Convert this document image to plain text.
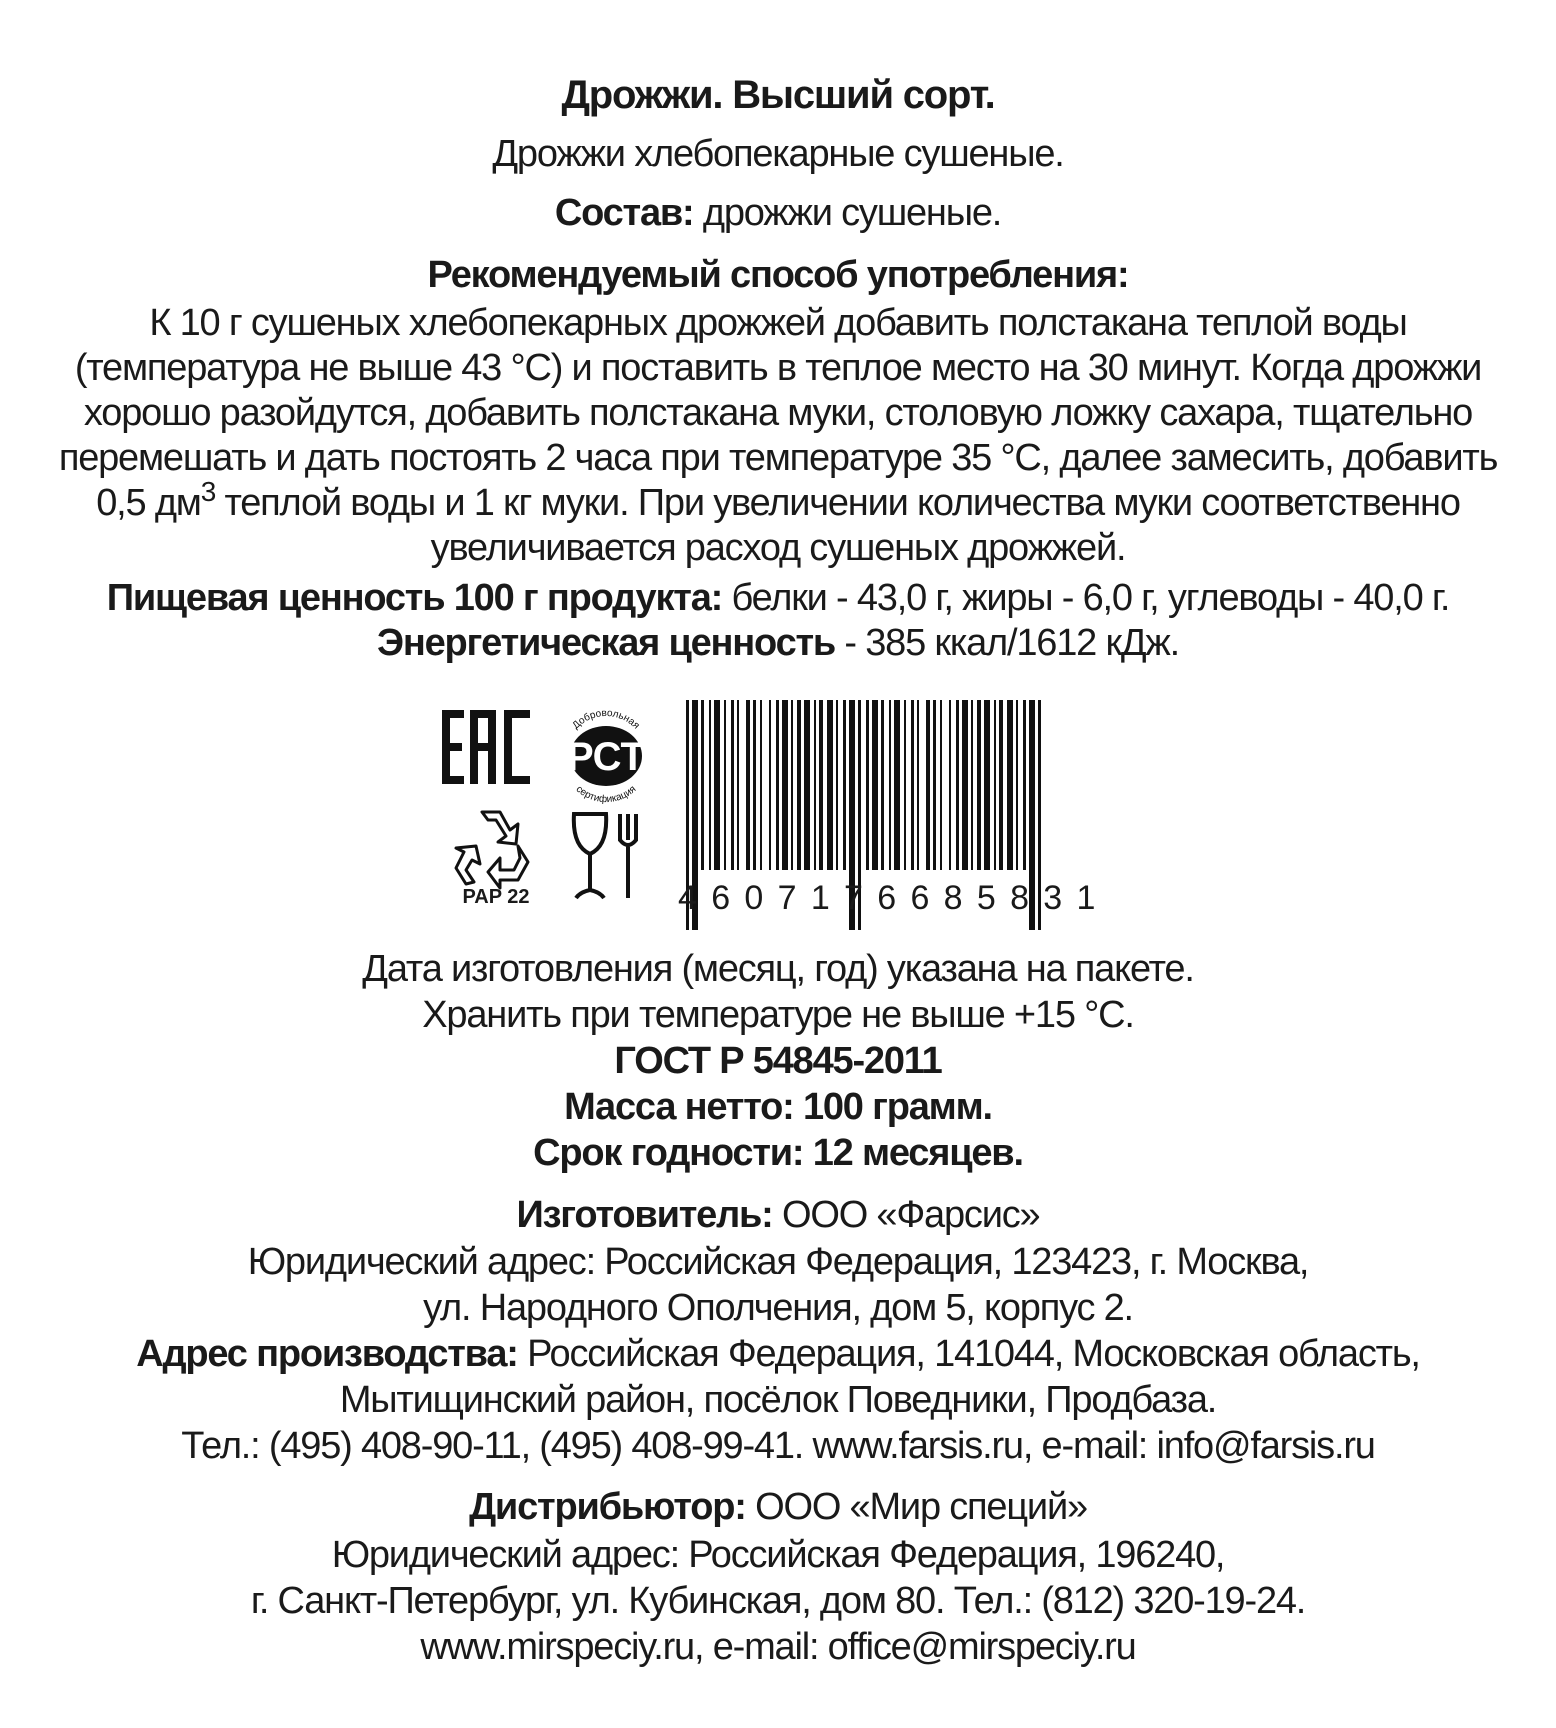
Дрожжи. Высший сорт.
Дрожжи хлебопекарные сушеные.
Состав: дрожжи сушеные.
Рекомендуемый способ употребления:
К 10 г сушеных хлебопекарных дрожжей добавить полстакана теплой воды
(температура не выше 43 °С) и поставить в теплое место на 30 минут. Когда дрожжи
хорошо разойдутся, добавить полстакана муки, столовую ложку сахара, тщательно
перемешать и дать постоять 2 часа при температуре 35 °С, далее замесить, добавить
0,5 $дм^3$ теплой воды и 1 кг муки. При увеличении количества муки соответственно
увеличивается расход сушеных дрожжей.
Пищевая ценность 100 г продукта: белки - 43,0 г, жиры - 6,0 г, углеводы - 40,0 г.
Энергетическая ценность - 385 ккал/1612 кДж.
Добровольная
РСТ
сертификация
PAP 22	4607176685831
Дата изготовления (месяц, год) указана на пакете.
Хранить при температуре не выше +15 °С.
ГОСТ Р 54845-2011
Масса нетто: 100 грамм.
Срок годности: 12 месяцев.
Изготовитель: ООО «Фарсис»
Юридический адрес: Российская Федерация, 123423, г. Москва,
ул. Народного Ополчения, дом 5, корпус 2.
Адрес производства: Российская Федерация, 141044, Московская область,
Мытищинский район, посёлок Поведники, Продбаза.
Тел.: (495) 408-90-11, (495) 408-99-41. www.farsis.ru, e-mail: info@farsis.ru
Дистрибьютор: ООО «Мир специй»
Юридический адрес: Российская Федерация, 196240,
г. Санкт-Петербург, ул. Кубинская, дом 80. Тел.: (812) 320-19-24.
www.mirspeciy.ru, e-mail: office@mirspeciy.ru
